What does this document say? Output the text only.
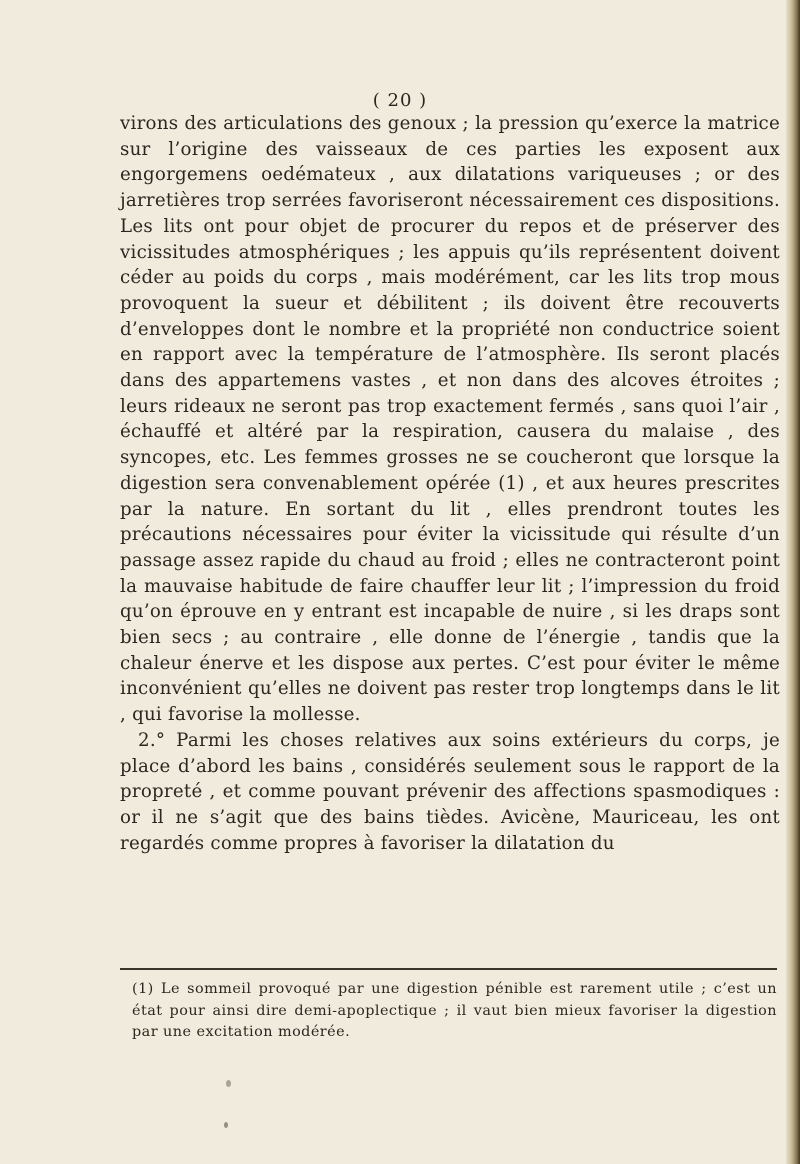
( 20 )

virons des articulations des genoux ; la pression qu’exerce la matrice sur l’origine des vaisseaux de ces parties les exposent aux engorgemens oedémateux , aux dilatations variqueuses ; or des jarretières trop serrées favoriseront nécessairement ces dispositions. Les lits ont pour objet de procurer du repos et de préserver des vicissitudes atmosphériques ; les appuis qu’ils représentent doivent céder au poids du corps , mais modérément, car les lits trop mous provoquent la sueur et débilitent ; ils doivent être recouverts d’enveloppes dont le nombre et la propriété non conductrice soient en rapport avec la température de l’atmosphère. Ils seront placés dans des appartemens vastes , et non dans des alcoves étroites ; leurs rideaux ne seront pas trop exactement fermés , sans quoi l’air , échauffé et altéré par la respiration, causera du malaise , des syncopes, etc. Les femmes grosses ne se coucheront que lorsque la digestion sera convenablement opérée (1) , et aux heures prescrites par la nature. En sortant du lit , elles prendront toutes les précautions nécessaires pour éviter la vicissitude qui résulte d’un passage assez rapide du chaud au froid ; elles ne contracteront point la mauvaise habitude de faire chauffer leur lit ; l’impression du froid qu’on éprouve en y entrant est incapable de nuire , si les draps sont bien secs ; au contraire , elle donne de l’énergie , tandis que la chaleur énerve et les dispose aux pertes. C’est pour éviter le même inconvénient qu’elles ne doivent pas rester trop longtemps dans le lit , qui favorise la mollesse.

2.° Parmi les choses relatives aux soins extérieurs du corps, je place d’abord les bains , considérés seulement sous le rapport de la propreté , et comme pouvant prévenir des affections spasmodiques : or il ne s’agit que des bains tièdes. Avicène, Mauriceau, les ont regardés comme propres à favoriser la dilatation du

(1) Le sommeil provoqué par une digestion pénible est rarement utile ; c’est un état pour ainsi dire demi-apoplectique ; il vaut bien mieux favoriser la digestion par une excitation modérée.
